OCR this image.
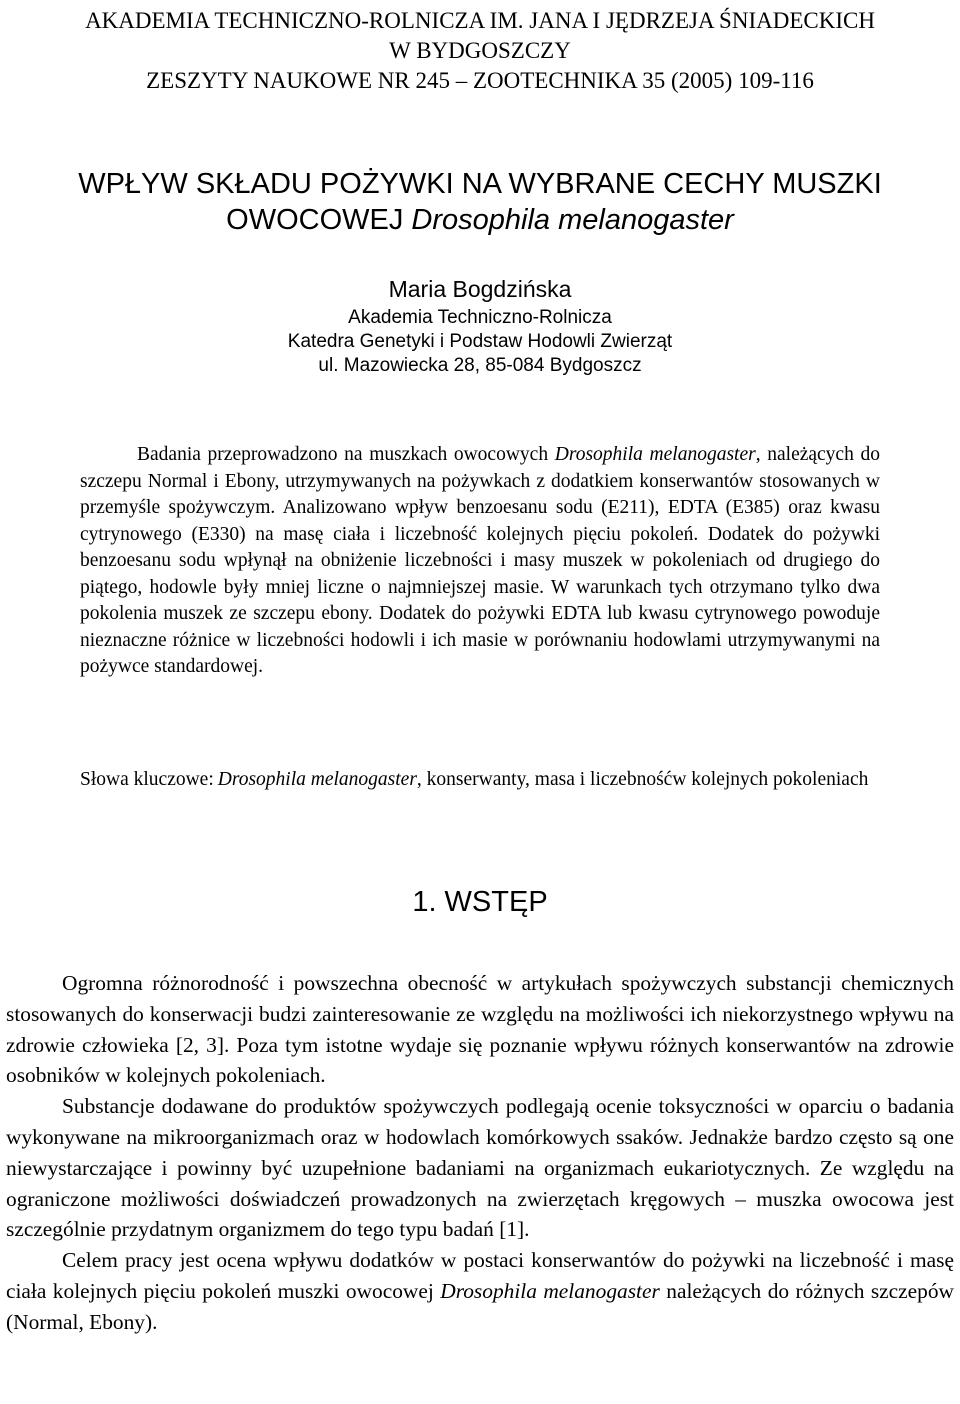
AKADEMIA TECHNICZNO-ROLNICZA IM. JANA I JĘDRZEJA ŚNIADECKICH
W BYDGOSZCZY
ZESZYTY NAUKOWE NR 245 – ZOOTECHNIKA 35 (2005) 109-116
WPŁYW SKŁADU POŻYWKI NA WYBRANE CECHY MUSZKI
OWOCOWEJ Drosophila melanogaster
Maria Bogdzińska
Akademia Techniczno-Rolnicza
Katedra Genetyki i Podstaw Hodowli Zwierząt
ul. Mazowiecka 28, 85-084 Bydgoszcz

Badania przeprowadzono na muszkach owocowych Drosophila melanogaster, należących do szczepu Normal i Ebony, utrzymywanych na pożywkach z dodatkiem konserwantów stosowanych w przemyśle spożywczym. Analizowano wpływ benzoesanu sodu (E211), EDTA (E385) oraz kwasu cytrynowego (E330) na masę ciała i liczebność kolejnych pięciu pokoleń. Dodatek do pożywki benzoesanu sodu wpłynął na obniżenie liczebności i masy muszek w pokoleniach od drugiego do piątego, hodowle były mniej liczne o najmniejszej masie. W warunkach tych otrzymano tylko dwa pokolenia muszek ze szczepu ebony. Dodatek do pożywki EDTA lub kwasu cytrynowego powoduje nieznaczne różnice w liczebności hodowli i ich masie w porównaniu hodowlami utrzymywanymi na pożywce standardowej.

Słowa kluczowe: Drosophila melanogaster, konserwanty, masa i liczebnośćw kolejnych pokoleniach
1. WSTĘP

Ogromna różnorodność i powszechna obecność w artykułach spożywczych substancji chemicznych stosowanych do konserwacji budzi zainteresowanie ze względu na możliwości ich niekorzystnego wpływu na zdrowie człowieka [2, 3]. Poza tym istotne wydaje się poznanie wpływu różnych konserwantów na zdrowie osobników w kolejnych pokoleniach.

Substancje dodawane do produktów spożywczych podlegają ocenie toksyczności w oparciu o badania wykonywane na mikroorganizmach oraz w hodowlach komórkowych ssaków. Jednakże bardzo często są one niewystarczające i powinny być uzupełnione badaniami na organizmach eukariotycznych. Ze względu na ograniczone możliwości doświadczeń prowadzonych na zwierzętach kręgowych – muszka owocowa jest szczególnie przydatnym organizmem do tego typu badań [1].

Celem pracy jest ocena wpływu dodatków w postaci konserwantów do pożywki na liczebność i masę ciała kolejnych pięciu pokoleń muszki owocowej Drosophila melanogaster należących do różnych szczepów (Normal, Ebony).
